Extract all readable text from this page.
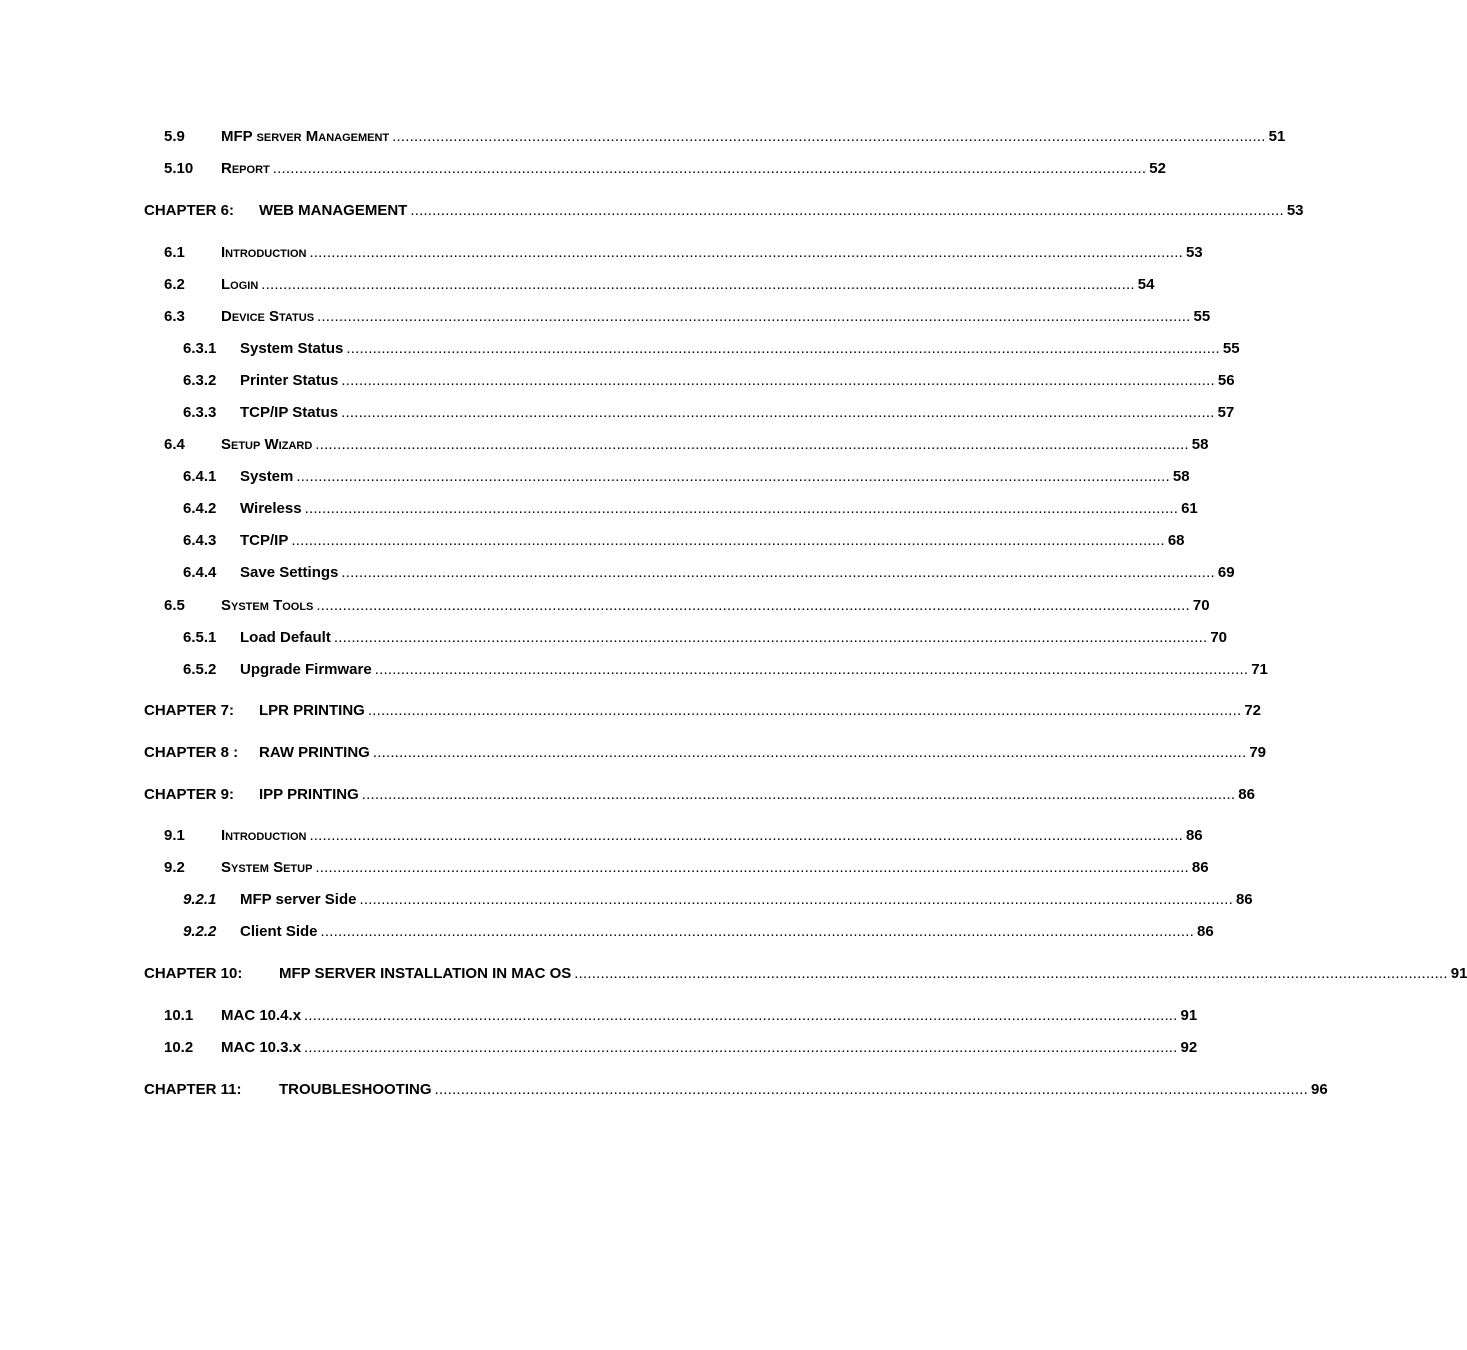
5.9 MFP server Management ........................................................................................................................................................................................................ 51
5.10 Report ........................................................................................................................................................................................................ 52
CHAPTER 6: WEB MANAGEMENT ........................................................................................................................................................................................................ 53
6.1 Introduction ........................................................................................................................................................................................................ 53
6.2 Login ........................................................................................................................................................................................................ 54
6.3 Device Status ........................................................................................................................................................................................................ 55
6.3.1 System Status ........................................................................................................................................................................................................ 55
6.3.2 Printer Status ........................................................................................................................................................................................................ 56
6.3.3 TCP/IP Status ........................................................................................................................................................................................................ 57
6.4 Setup Wizard ........................................................................................................................................................................................................ 58
6.4.1 System ........................................................................................................................................................................................................ 58
6.4.2 Wireless ........................................................................................................................................................................................................ 61
6.4.3 TCP/IP ........................................................................................................................................................................................................ 68
6.4.4 Save Settings ........................................................................................................................................................................................................ 69
6.5 System Tools ........................................................................................................................................................................................................ 70
6.5.1 Load Default ........................................................................................................................................................................................................ 70
6.5.2 Upgrade Firmware ........................................................................................................................................................................................................ 71
CHAPTER 7: LPR PRINTING ........................................................................................................................................................................................................ 72
CHAPTER 8 : RAW PRINTING ........................................................................................................................................................................................................ 79
CHAPTER 9: IPP PRINTING ........................................................................................................................................................................................................ 86
9.1 Introduction ........................................................................................................................................................................................................ 86
9.2 System Setup ........................................................................................................................................................................................................ 86
9.2.1 MFP server Side ........................................................................................................................................................................................................ 86
9.2.2 Client Side ........................................................................................................................................................................................................ 86
CHAPTER 10: MFP SERVER INSTALLATION IN MAC OS ........................................................................................................................................................................................................ 91
10.1 MAC 10.4.x ........................................................................................................................................................................................................ 91
10.2 MAC 10.3.x ........................................................................................................................................................................................................ 92
CHAPTER 11: TROUBLESHOOTING ........................................................................................................................................................................................................ 96
